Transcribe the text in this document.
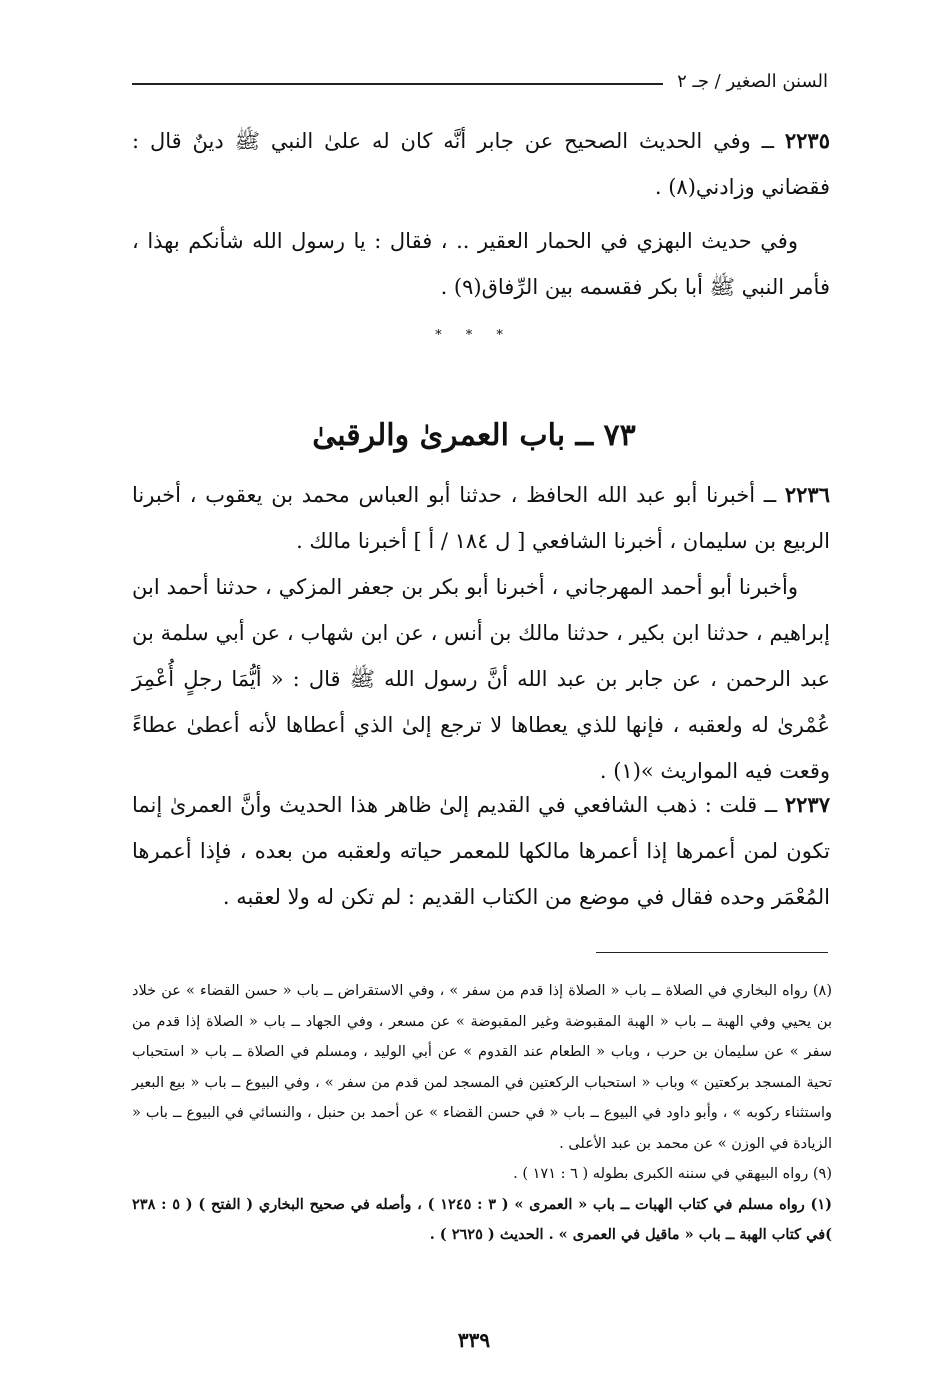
السنن الصغير / جـ ٢

٢٢٣٥ ــ وفي الحديث الصحيح عن جابر أنَّه كان له علىٰ النبي ﷺ دينٌ قال : فقضاني وزادني(٨) .

وفي حديث البهزي في الحمار العقير .. ، فقال : يا رسول الله شأنكم بهذا ، فأمر النبي ﷺ أبا بكر فقسمه بين الرِّفاق(٩) .

* * *
٧٣ ــ باب العمرىٰ والرقبىٰ

٢٢٣٦ ــ أخبرنا أبو عبد الله الحافظ ، حدثنا أبو العباس محمد بن يعقوب ، أخبرنا الربيع بن سليمان ، أخبرنا الشافعي [ ل ١٨٤ / أ ] أخبرنا مالك .

وأخبرنا أبو أحمد المهرجاني ، أخبرنا أبو بكر بن جعفر المزكي ، حدثنا أحمد ابن إبراهيم ، حدثنا ابن بكير ، حدثنا مالك بن أنس ، عن ابن شهاب ، عن أبي سلمة بن عبد الرحمن ، عن جابر بن عبد الله أنَّ رسول الله ﷺ قال : « أيُّمَا رجلٍ أُعْمِرَ عُمْرىٰ له ولعقبه ، فإنها للذي يعطاها لا ترجع إلىٰ الذي أعطاها لأنه أعطىٰ عطاءً وقعت فيه المواريث »(١) .

٢٢٣٧ ــ قلت : ذهب الشافعي في القديم إلىٰ ظاهر هذا الحديث وأنَّ العمرىٰ إنما تكون لمن أعمرها إذا أعمرها مالكها للمعمر حياته ولعقبه من بعده ، فإذا أعمرها المُعْمَر وحده فقال في موضع من الكتاب القديم : لم تكن له ولا لعقبه .

(٨) رواه البخاري في الصلاة ــ باب « الصلاة إذا قدم من سفر » ، وفي الاستقراض ــ باب « حسن القضاء » عن خلاد بن يحيي وفي الهبة ــ باب « الهبة المقبوضة وغير المقبوضة » عن مسعر ، وفي الجهاد ــ باب « الصلاة إذا قدم من سفر » عن سليمان بن حرب ، وباب « الطعام عند القدوم » عن أبي الوليد ، ومسلم في الصلاة ــ باب « استحباب تحية المسجد بركعتين » وباب « استحباب الركعتين في المسجد لمن قدم من سفر » ، وفي البيوع ــ باب « بيع البعير واستثناء ركوبه » ، وأبو داود في البيوع ــ باب « في حسن القضاء » عن أحمد بن حنبل ، والنسائي في البيوع ــ باب « الزيادة في الوزن » عن محمد بن عبد الأعلى .

(٩) رواه البيهقي في سننه الكبرى بطوله ( ٦ : ١٧١ ) .

(١) رواه مسلم في كتاب الهبات ــ باب « العمرى » ( ٣ : ١٢٤٥ ) ، وأصله في صحيح البخاري ( الفتح ) ( ٥ : ٢٣٨ )في كتاب الهبة ــ باب « ماقيل في العمرى » . الحديث ( ٢٦٢٥ ) .

٣٣٩
